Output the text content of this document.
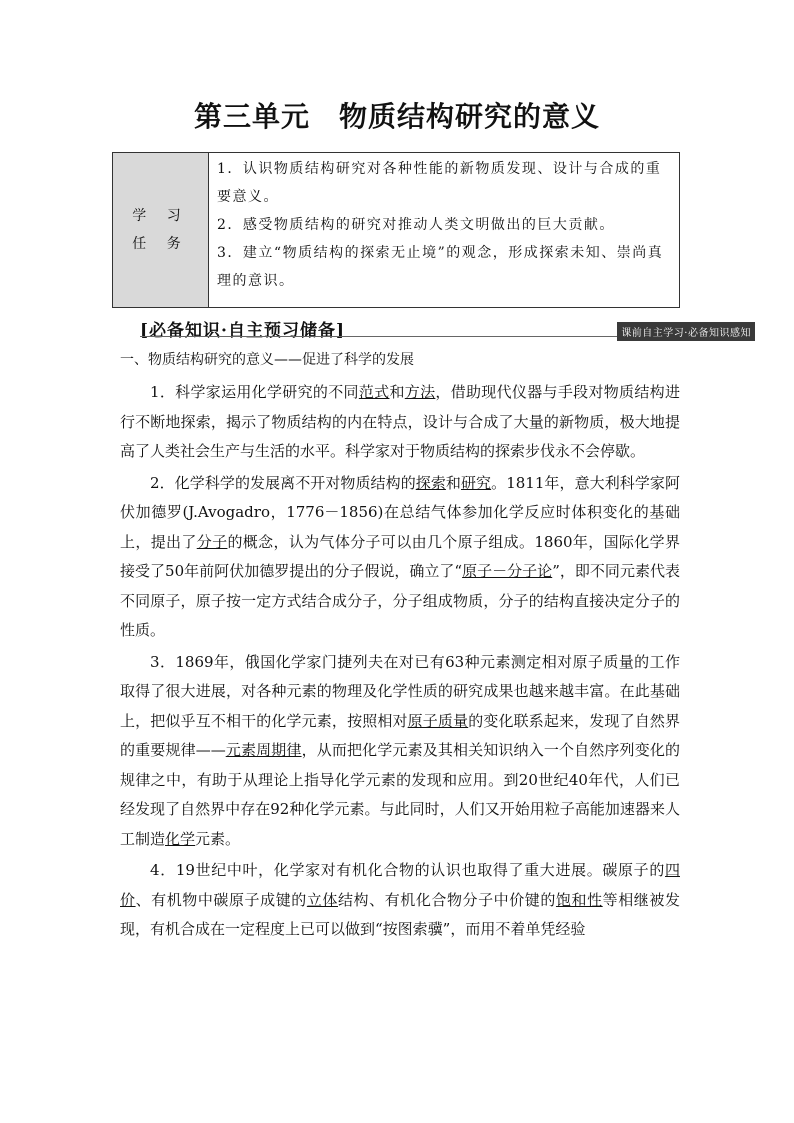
第三单元　物质结构研究的意义
学 习
任 务

1．认识物质结构研究对各种性能的新物质发现、设计与合成的重要意义。

2．感受物质结构的研究对推动人类文明做出的巨大贡献。

3．建立“物质结构的探索无止境”的观念，形成探索未知、崇尚真理的意识。

[必备知识·自主预习储备]	课前自主学习·必备知识感知

一、物质结构研究的意义——促进了科学的发展

1．科学家运用化学研究的不同范式和方法，借助现代仪器与手段对物质结构进行不断地探索，揭示了物质结构的内在特点，设计与合成了大量的新物质，极大地提高了人类社会生产与生活的水平。科学家对于物质结构的探索步伐永不会停歇。

2．化学科学的发展离不开对物质结构的探索和研究。1811年，意大利科学家阿伏加德罗(J.Avogadro，1776－1856)在总结气体参加化学反应时体积变化的基础上，提出了分子的概念，认为气体分子可以由几个原子组成。1860年，国际化学界接受了50年前阿伏加德罗提出的分子假说，确立了“原子－分子论”，即不同元素代表不同原子，原子按一定方式结合成分子，分子组成物质，分子的结构直接决定分子的性质。

3．1869年，俄国化学家门捷列夫在对已有63种元素测定相对原子质量的工作取得了很大进展，对各种元素的物理及化学性质的研究成果也越来越丰富。在此基础上，把似乎互不相干的化学元素，按照相对原子质量的变化联系起来，发现了自然界的重要规律——元素周期律，从而把化学元素及其相关知识纳入一个自然序列变化的规律之中，有助于从理论上指导化学元素的发现和应用。到20世纪40年代，人们已经发现了自然界中存在92种化学元素。与此同时，人们又开始用粒子高能加速器来人工制造化学元素。

4．19世纪中叶，化学家对有机化合物的认识也取得了重大进展。碳原子的四价、有机物中碳原子成键的立体结构、有机化合物分子中价键的饱和性等相继被发现，有机合成在一定程度上已可以做到“按图索骥”，而用不着单凭经验
